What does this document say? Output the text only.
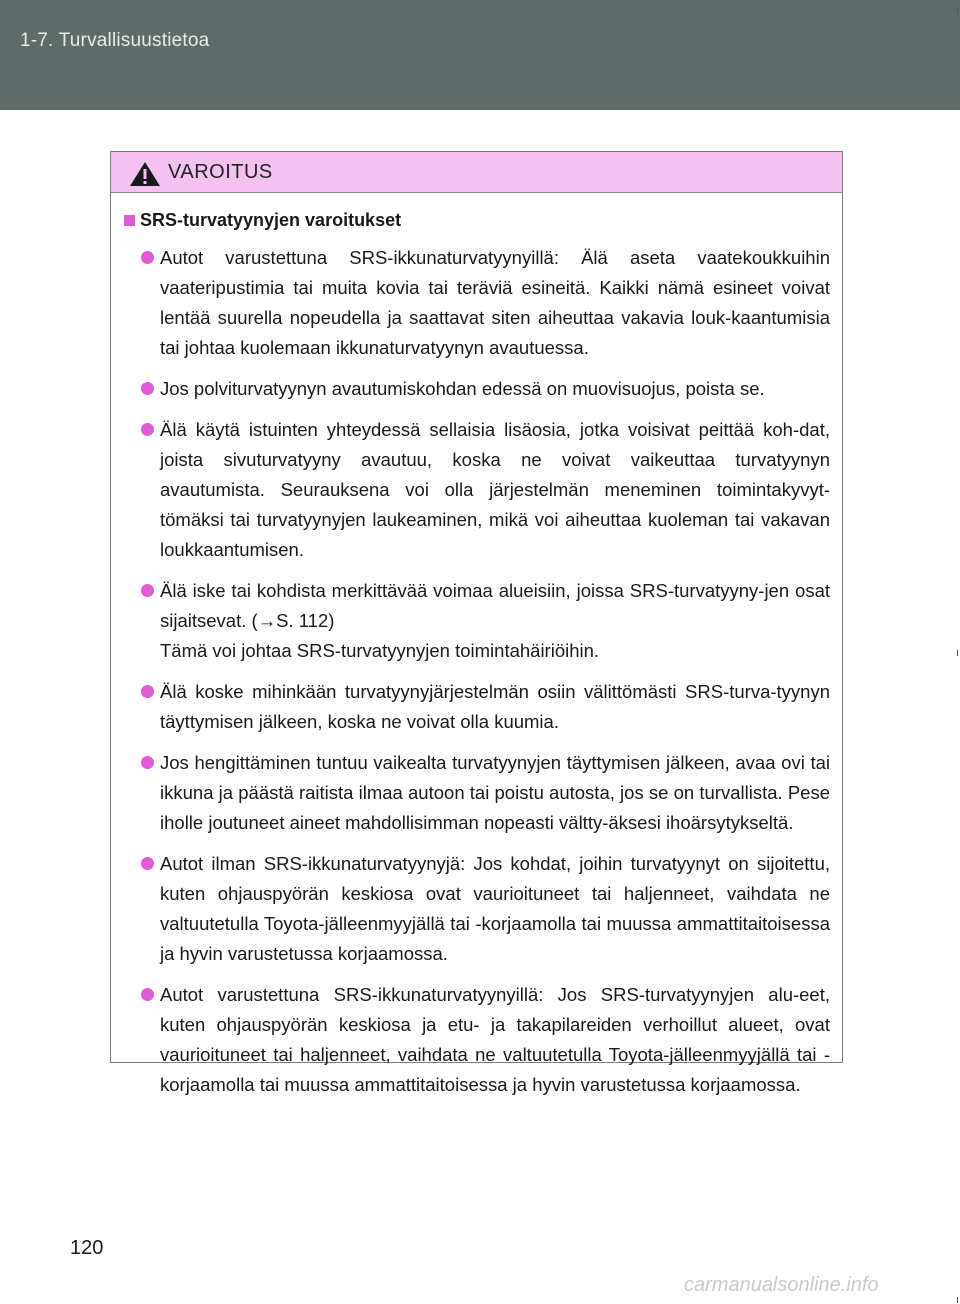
1-7. Turvallisuustietoa
VAROITUS
SRS-turvatyynyjen varoitukset
Autot varustettuna SRS-ikkunaturvatyynyillä: Älä aseta vaatekoukkuihin vaateripustimia tai muita kovia tai teräviä esineitä. Kaikki nämä esineet voivat lentää suurella nopeudella ja saattavat siten aiheuttaa vakavia louk-kaantumisia tai johtaa kuolemaan ikkunaturvatyynyn avautuessa.
Jos polviturvatyynyn avautumiskohdan edessä on muovisuojus, poista se.
Älä käytä istuinten yhteydessä sellaisia lisäosia, jotka voisivat peittää koh-dat, joista sivuturvatyyny avautuu, koska ne voivat vaikeuttaa turvatyynyn avautumista. Seurauksena voi olla järjestelmän meneminen toimintakyvyt-tömäksi tai turvatyynyjen laukeaminen, mikä voi aiheuttaa kuoleman tai vakavan loukkaantumisen.
Älä iske tai kohdista merkittävää voimaa alueisiin, joissa SRS-turvatyyny-jen osat sijaitsevat. (→S. 112)
Tämä voi johtaa SRS-turvatyynyjen toimintahäiriöihin.
Älä koske mihinkään turvatyynyjärjestelmän osiin välittömästi SRS-turva-tyynyn täyttymisen jälkeen, koska ne voivat olla kuumia.
Jos hengittäminen tuntuu vaikealta turvatyynyjen täyttymisen jälkeen, avaa ovi tai ikkuna ja päästä raitista ilmaa autoon tai poistu autosta, jos se on turvallista. Pese iholle joutuneet aineet mahdollisimman nopeasti vältty-äksesi ihoärsytykseltä.
Autot ilman SRS-ikkunaturvatyynyjä: Jos kohdat, joihin turvatyynyt on sijoitettu, kuten ohjauspyörän keskiosa ovat vaurioituneet tai haljenneet, vaihdata ne valtuutetulla Toyota-jälleenmyyjällä tai -korjaamolla tai muussa ammattitaitoisessa ja hyvin varustetussa korjaamossa.
Autot varustettuna SRS-ikkunaturvatyynyillä: Jos SRS-turvatyynyjen alu-eet, kuten ohjauspyörän keskiosa ja etu- ja takapilareiden verhoillut alueet, ovat vaurioituneet tai haljenneet, vaihdata ne valtuutetulla Toyota-jälleenmyyjällä tai -korjaamolla tai muussa ammattitaitoisessa ja hyvin varustetussa korjaamossa.
120
carmanualsonline.info
